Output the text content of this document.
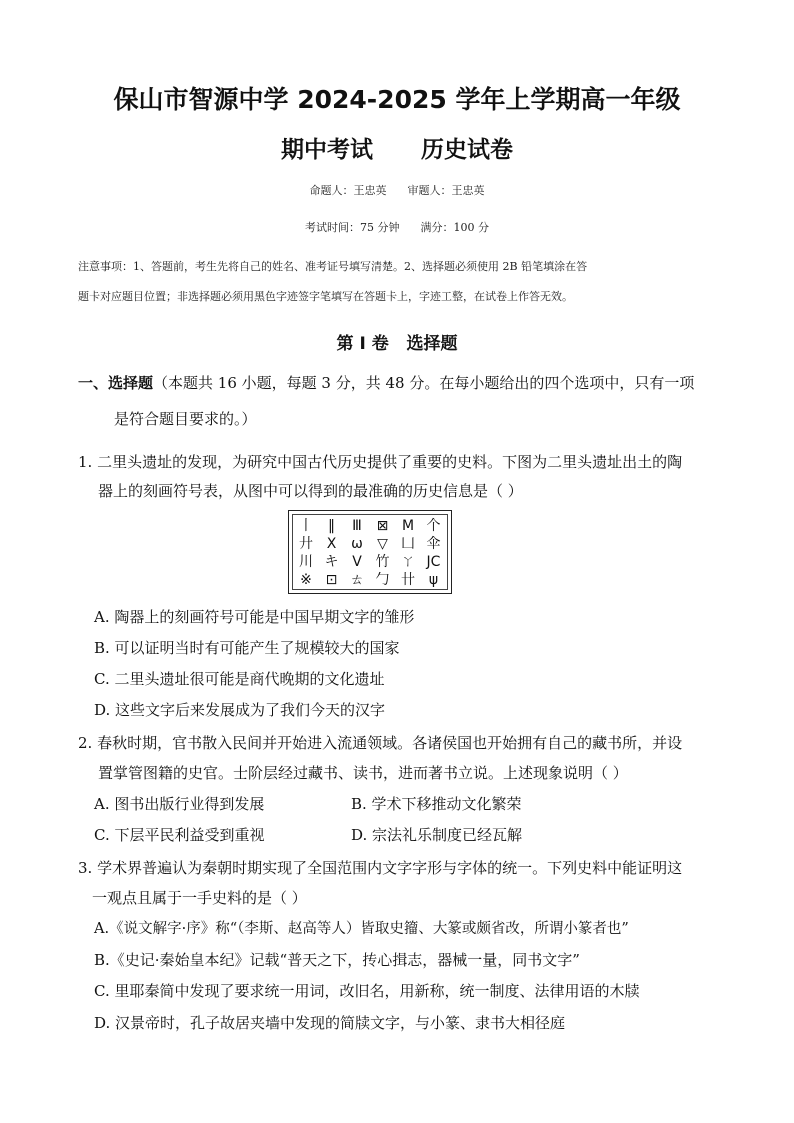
保山市智源中学 2024-2025 学年上学期高一年级
期中考试      历史试卷
命题人：王忠英      审题人：王忠英
考试时间：75 分钟      满分：100 分
注意事项：1、答题前，考生先将自己的姓名、准考证号填写清楚。2、选择题必须使用 2B 铅笔填涂在答
题卡对应题目位置；非选择题必须用黑色字迹签字笔填写在答题卡上，字迹工整，在试卷上作答无效。
第 I 卷   选择题
一、选择题（本题共 16 小题，每题 3 分，共 48 分。在每小题给出的四个选项中，只有一项
是符合题目要求的。）
1. 二里头遗址的发现，为研究中国古代历史提供了重要的史料。下图为二里头遗址出土的陶
器上的刻画符号表，从图中可以得到的最准确的历史信息是（ ）
丨 ‖ Ⅲ ⊠ M 个
廾 X ω ▽ 凵 伞
川 キ V 竹 ㄚ JC
※ ⊡ ㄊ 勹 卄 ψ
A. 陶器上的刻画符号可能是中国早期文字的雏形
B. 可以证明当时有可能产生了规模较大的国家
C. 二里头遗址很可能是商代晚期的文化遗址
D. 这些文字后来发展成为了我们今天的汉字
2. 春秋时期，官书散入民间并开始进入流通领域。各诸侯国也开始拥有自己的藏书所，并设
置掌管图籍的史官。士阶层经过藏书、读书，进而著书立说。上述现象说明（ ）
A. 图书出版行业得到发展	B. 学术下移推动文化繁荣
C. 下层平民利益受到重视	D. 宗法礼乐制度已经瓦解
3. 学术界普遍认为秦朝时期实现了全国范围内文字字形与字体的统一。下列史料中能证明这
一观点且属于一手史料的是（ ）
A.《说文解字·序》称“（李斯、赵高等人）皆取史籀、大篆或颇省改，所谓小篆者也”
B.《史记·秦始皇本纪》记载“普天之下，抟心揖志，器械一量，同书文字”
C. 里耶秦简中发现了要求统一用词，改旧名，用新称，统一制度、法律用语的木牍
D. 汉景帝时，孔子故居夹墙中发现的简牍文字，与小篆、隶书大相径庭
